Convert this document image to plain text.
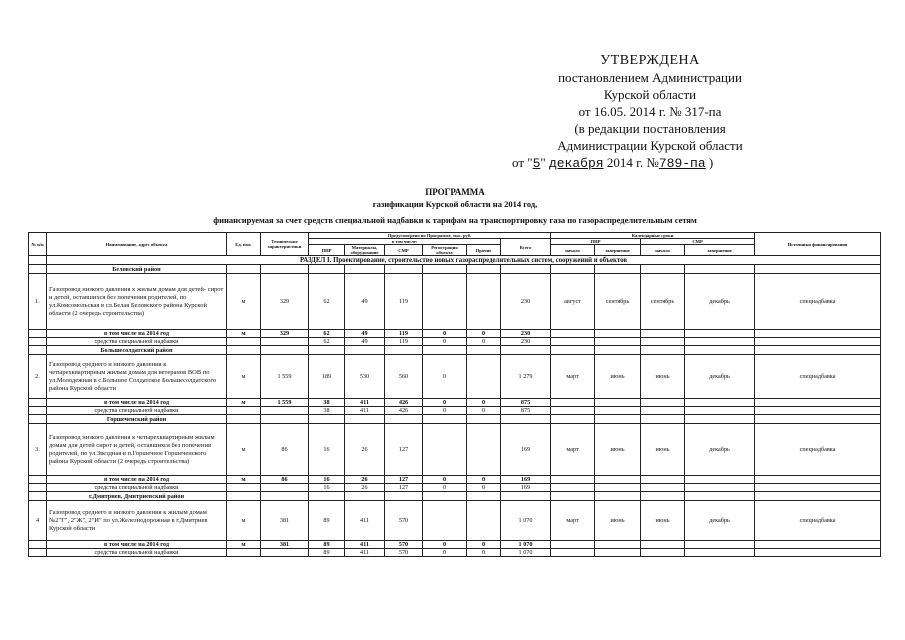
УТВЕРЖДЕНА
постановлением Администрации
Курской области
от 16.05. 2014 г. № 317-па
(в редакции постановления
Администрации Курской области
от "5" декабря 2014 г. №789-па )
ПРОГРАММА
газификации Курской области на 2014 год,
финансируемая за счет средств специальной надбавки к тарифам на транспортировку газа по газораспределительным сетям
№ п/п	Наименование, адрес объекта	Ед. изм.	Технические характеристики	Предусмотрено по Программе, тыс. руб.						Календарные сроки				Источники финансирования
				в том числе:					Всего	ПИР		СМР		
				ПИР	Материалы, оборудование	СМР	Регистрация объекта	Прочие		начало	завершение	начало	завершение	
	РАЗДЕЛ I. Проектирование, строительство новых газораспределительных систем, сооружений и объектов													
	Беловский район													
1.	Газопровод низкого давления к жилым домам для детей- сирот и детей, оставшихся без попечения родителей, по ул.Комсомольская в сл.Белая Беловского района Курской области (2 очередь строительства)	м	329	62	49	119			230	август	сентябрь	сентябрь	декабрь	спецнадбавка
	в том числе на 2014 год	м	329	62	49	119	0	0	230					
	средства специальной надбавки			62	49	119	0	0	230					
	Большесолдатский район													
2.	Газопровод среднего и низкого давления к четырехквартирным жилым домам для ветеранов ВОВ по ул.Молодежная в с.Большое Солдатское Большесолдатского района Курской области	м	1 559	189	530	560	0		1 279	март	июнь	июнь	декабрь	спецнадбавка
	в том числе на 2014 год	м	1 559	38	411	426	0	0	875					
	средства специальной надбавки			38	411	426	0	0	875					
	Горшеченский район													
3.	Газопровод низкого давления к четырехквартирным жилым домам для детей сирот и детей, оставшихся без попечения родителей, по ул.Звездная в п.Горшечное Горшеченского района Курской области (2 очередь строительства)	м	86	16	26	127			169	март	июнь	июнь	декабрь	спецнадбавка
	в том числе на 2014 год	м	86	16	26	127	0	0	169					
	средства специальной надбавки			16	26	127	0	0	169					
	г.Дмитриев, Дмитриевский район													
4	Газопровод среднего и низкого давления к жилым домам №2"Г", 2"Ж", 2"И" по ул.Железнодорожная в г.Дмитриев Курской области	м	381	89	411	570			1 070	март	июнь	июнь	декабрь	спецнадбавка
	в том числе на 2014 год	м	381	89	411	570	0	0	1 070					
	средства специальной надбавки			89	411	570	0	0	1 070					
